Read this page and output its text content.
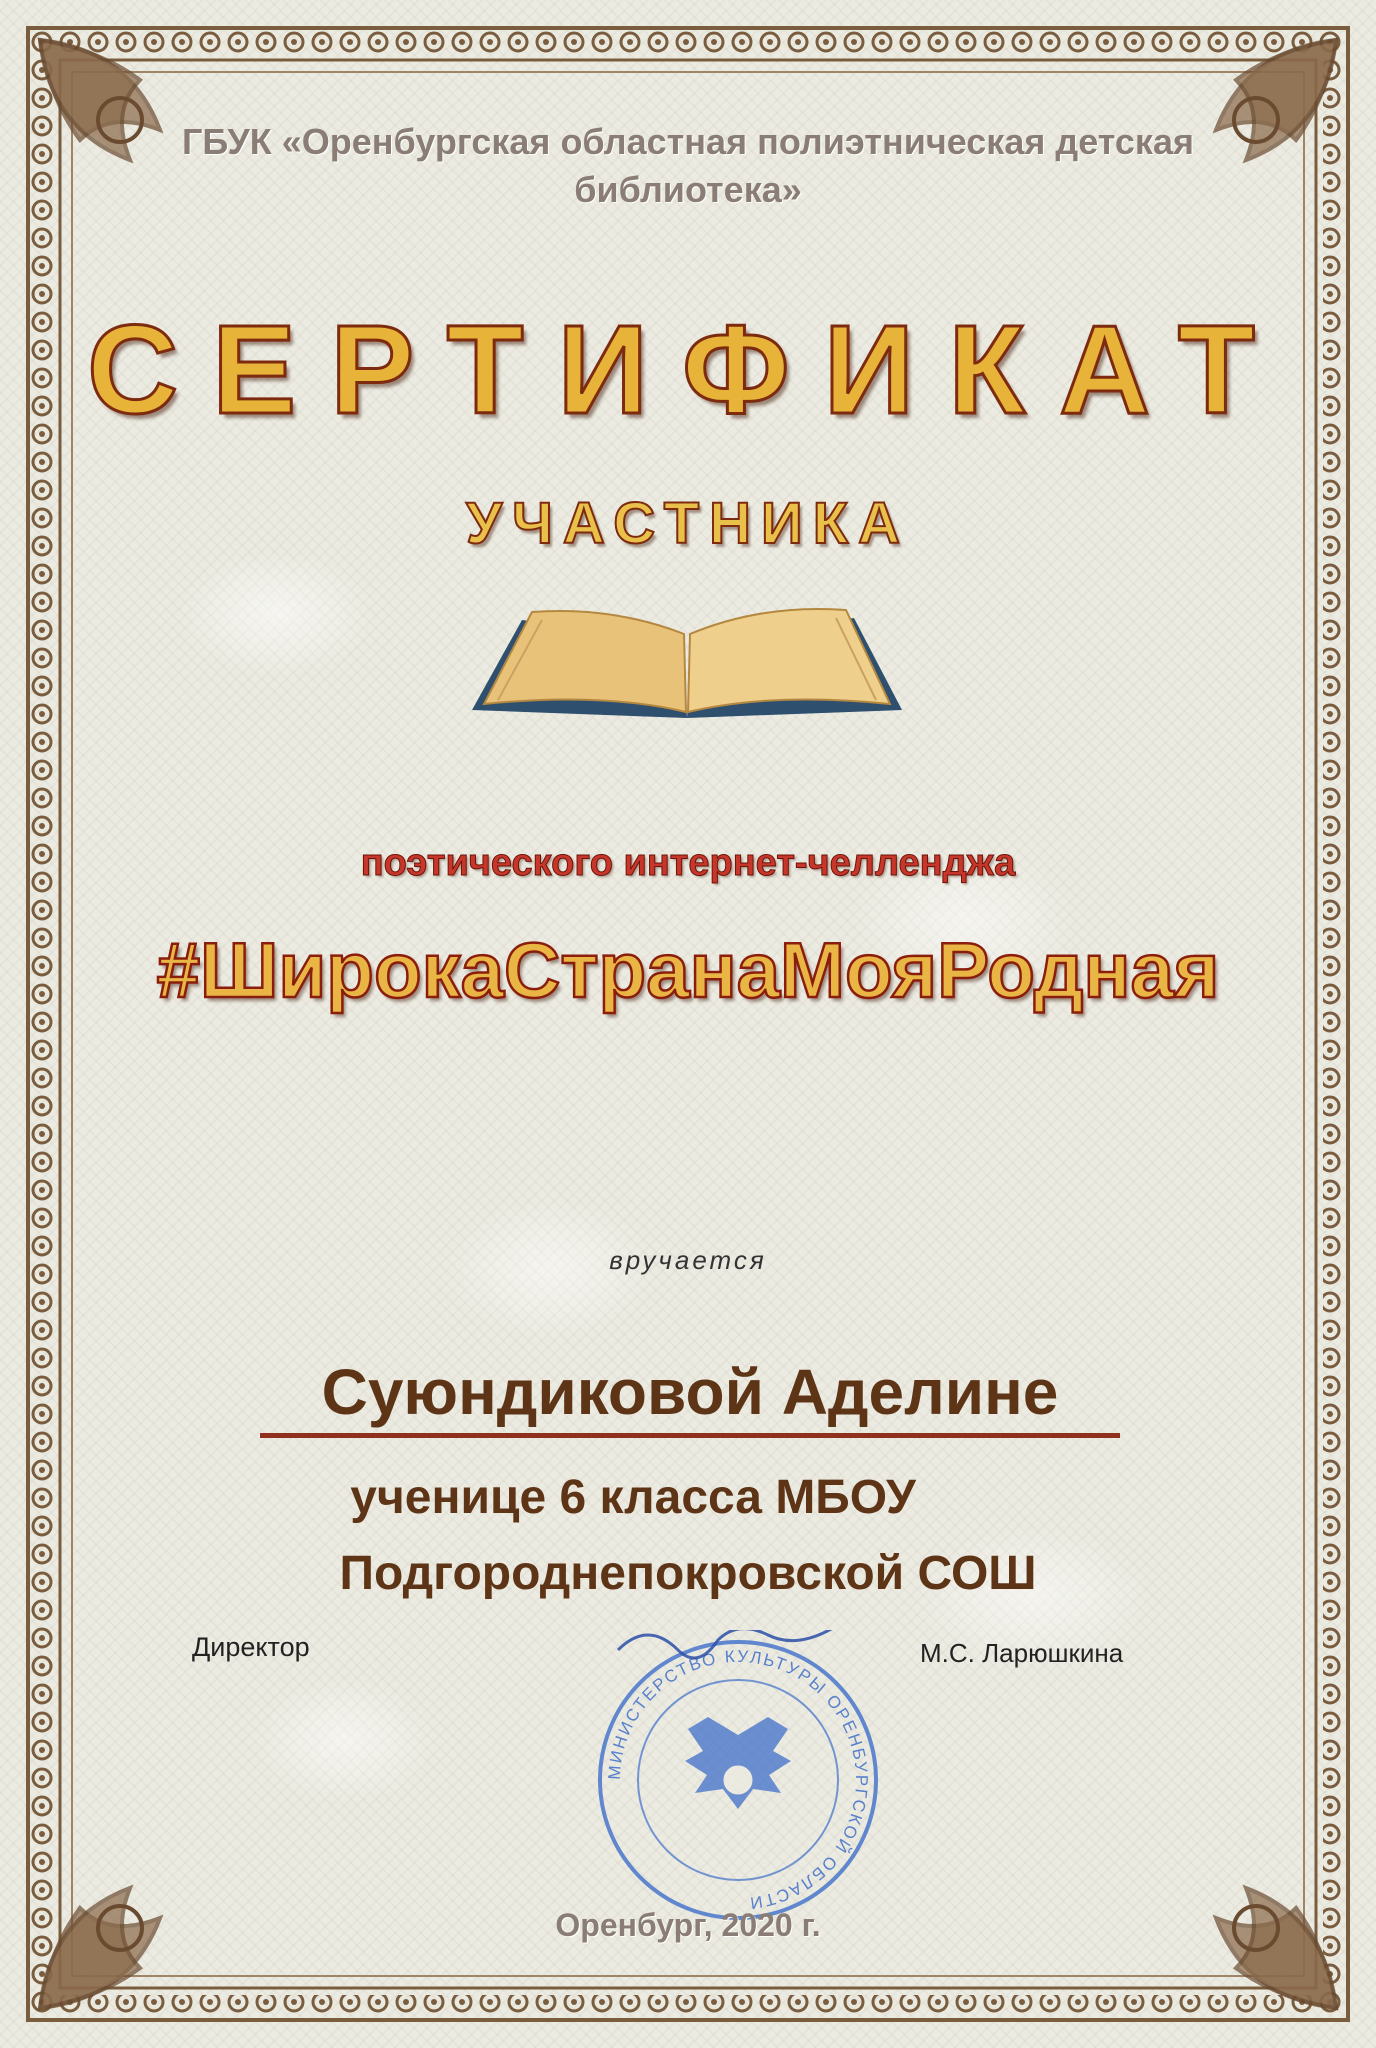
ГБУК «Оренбургская областная полиэтническая детская библиотека»
СЕРТИФИКАТ
УЧАСТНИКА
поэтического интернет-челленджа
#ШирокаСтранаМояРодная
вручается
Суюндиковой Аделине
ученице 6 класса МБОУ
Подгороднепокровской СОШ
Директор
МИНИСТЕРСТВО КУЛЬТУРЫ ОРЕНБУРГСКОЙ ОБЛАСТИ
М.С. Ларюшкина
Оренбург, 2020 г.
